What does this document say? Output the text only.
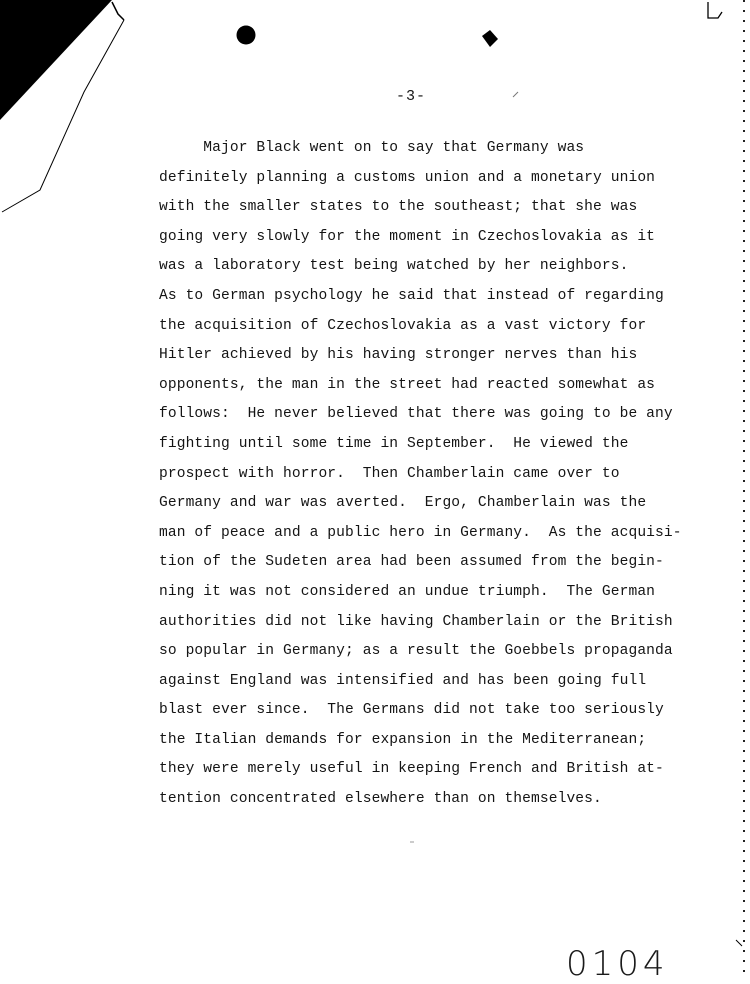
-3-
Major Black went on to say that Germany was
definitely planning a customs union and a monetary union
with the smaller states to the southeast; that she was
going very slowly for the moment in Czechoslovakia as it
was a laboratory test being watched by her neighbors.
As to German psychology he said that instead of regarding
the acquisition of Czechoslovakia as a vast victory for
Hitler achieved by his having stronger nerves than his
opponents, the man in the street had reacted somewhat as
follows:  He never believed that there was going to be any
fighting until some time in September.  He viewed the
prospect with horror.  Then Chamberlain came over to
Germany and war was averted.  Ergo, Chamberlain was the
man of peace and a public hero in Germany.  As the acquisi-
tion of the Sudeten area had been assumed from the begin-
ning it was not considered an undue triumph.  The German
authorities did not like having Chamberlain or the British
so popular in Germany; as a result the Goebbels propaganda
against England was intensified and has been going full
blast ever since.  The Germans did not take too seriously
the Italian demands for expansion in the Mediterranean;
they were merely useful in keeping French and British at-
tention concentrated elsewhere than on themselves.
0104
